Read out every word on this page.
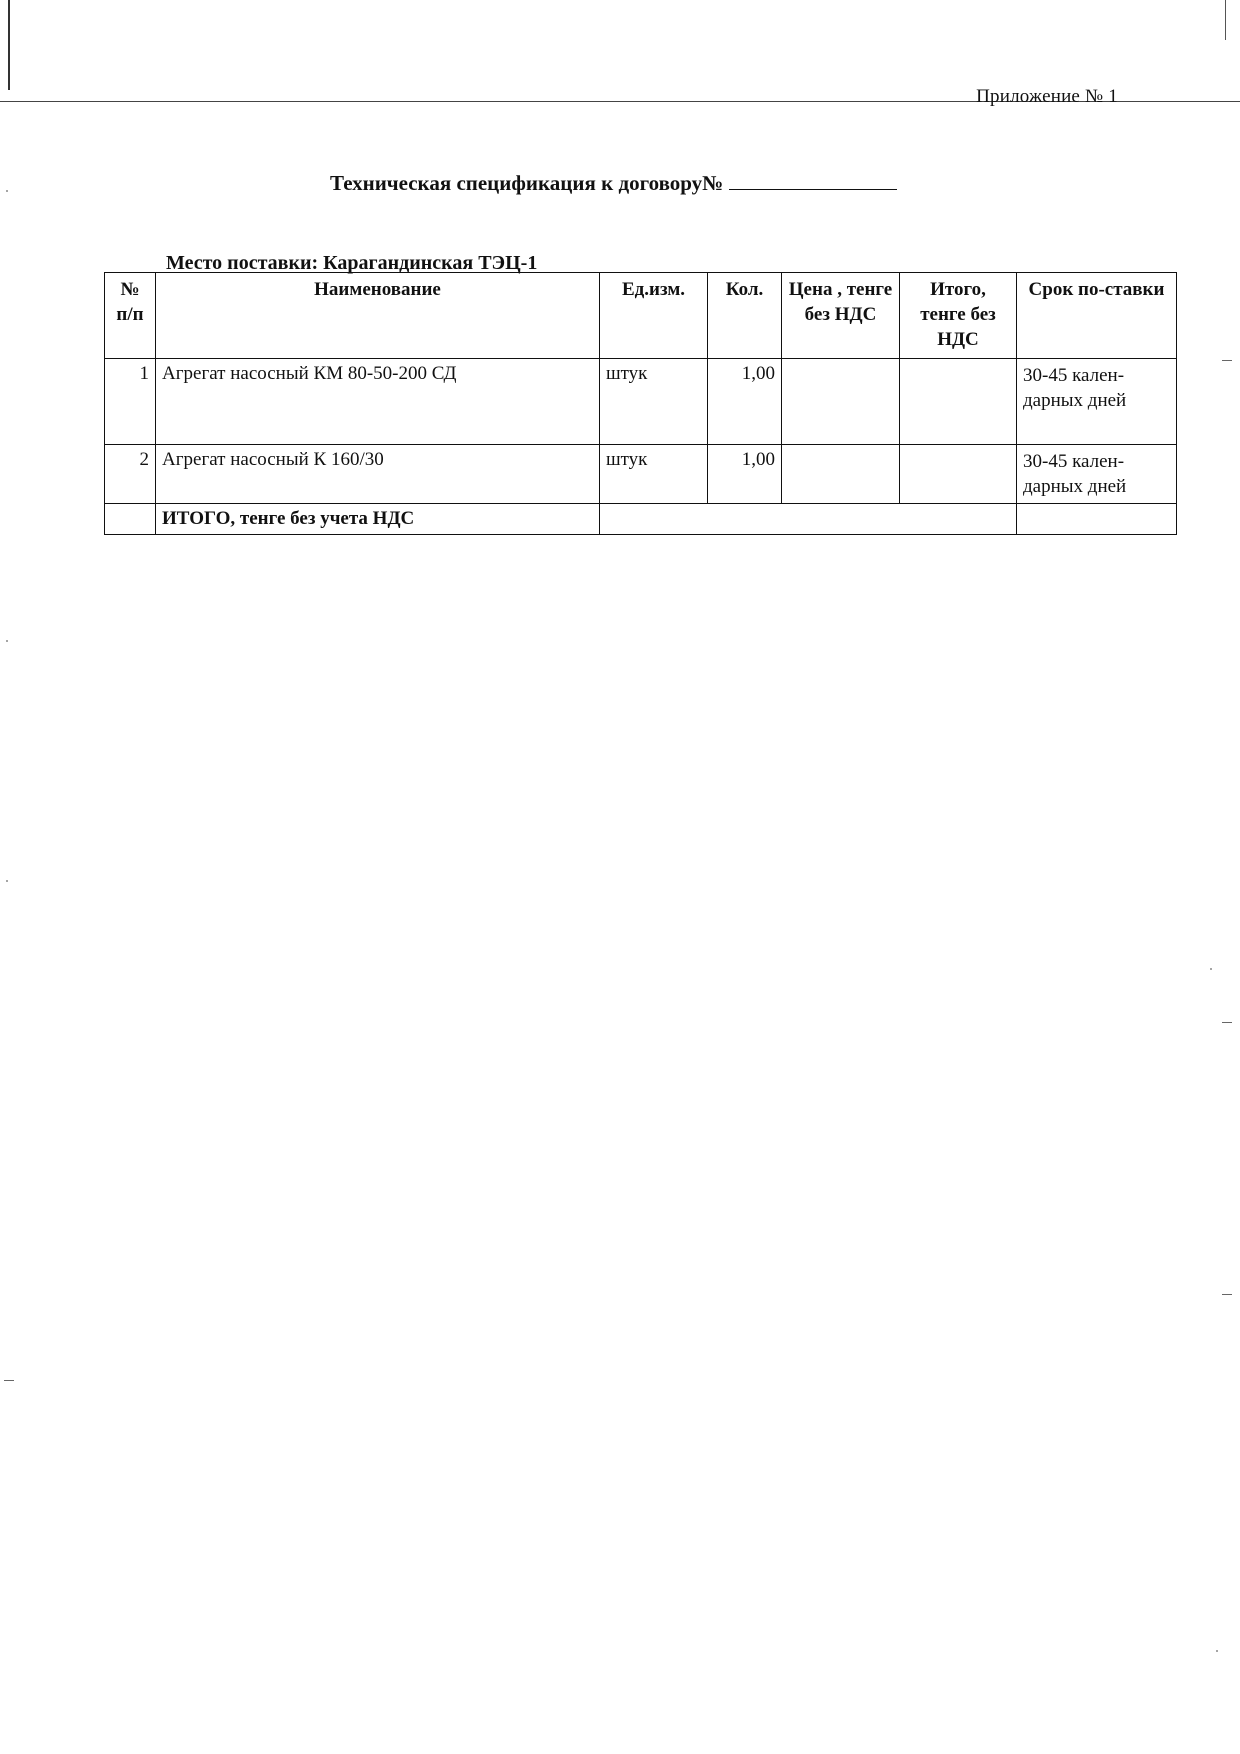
Приложение № 1
Техническая спецификация к договору№
Место поставки: Карагандинская ТЭЦ-1
№ п/п	Наименование	Ед.изм.	Кол.	Цена , тенге без НДС	Итого, тенге без НДС	Срок по-ставки
1	Агрегат насосный КМ 80-50-200 СД	штук	1,00			30-45 кален-дарных дней
2	Агрегат насосный К 160/30	штук	1,00			30-45 кален-дарных дней
	ИТОГО, тенге без учета НДС					
